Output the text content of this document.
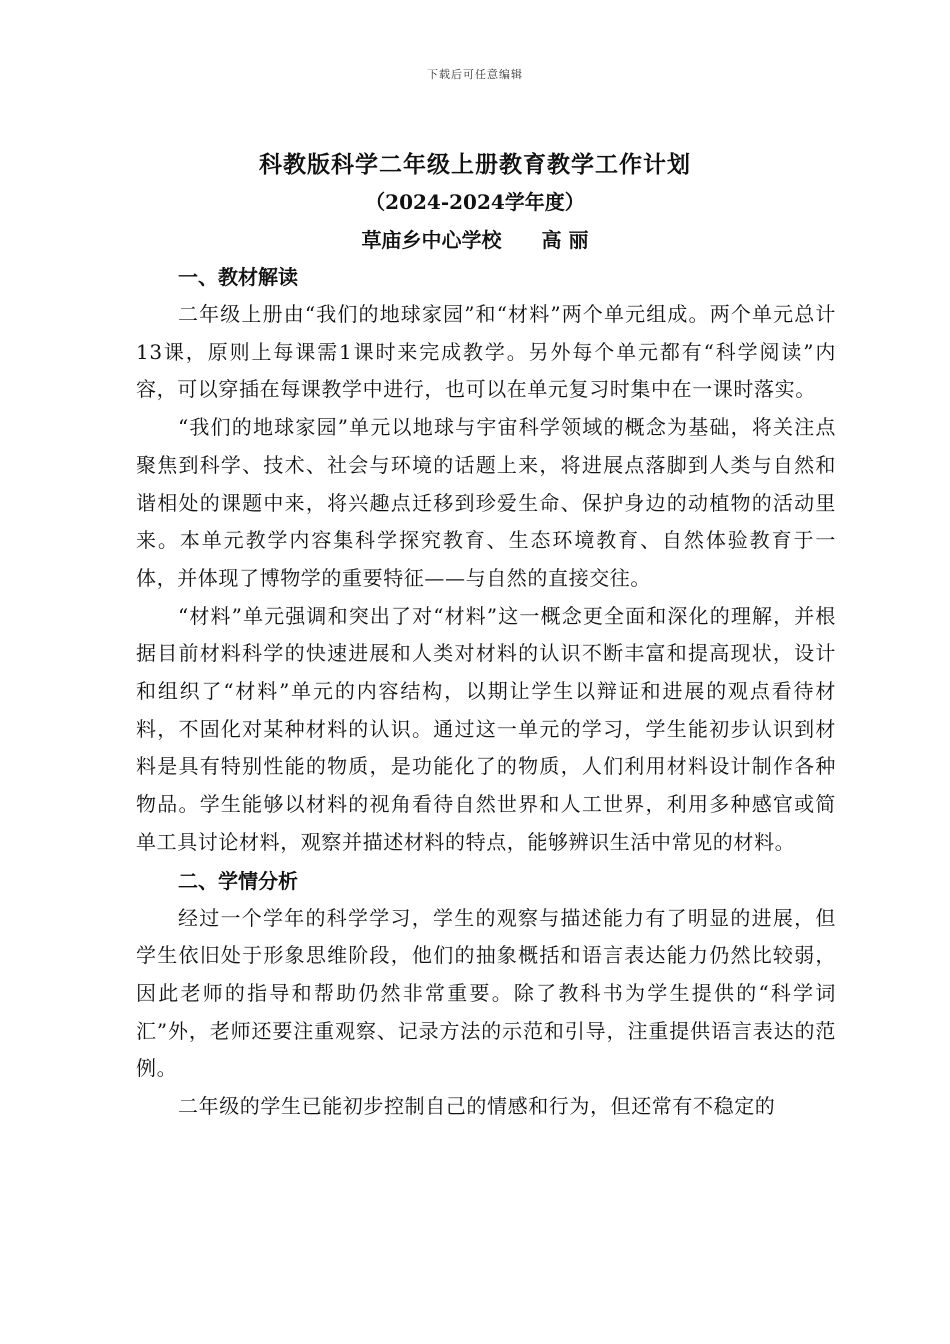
下载后可任意编辑
科教版科学二年级上册教育教学工作计划
（2024-2024学年度）
草庙乡中心学校　　高 丽

一、教材解读

二年级上册由“我们的地球家园”和“材料”两个单元组成。两个单元总计13课，原则上每课需1课时来完成教学。另外每个单元都有“科学阅读”内容，可以穿插在每课教学中进行，也可以在单元复习时集中在一课时落实。

“我们的地球家园”单元以地球与宇宙科学领域的概念为基础，将关注点聚焦到科学、技术、社会与环境的话题上来，将进展点落脚到人类与自然和谐相处的课题中来，将兴趣点迁移到珍爱生命、保护身边的动植物的活动里来。本单元教学内容集科学探究教育、生态环境教育、自然体验教育于一体，并体现了博物学的重要特征——与自然的直接交往。

“材料”单元强调和突出了对“材料”这一概念更全面和深化的理解，并根据目前材料科学的快速进展和人类对材料的认识不断丰富和提高现状，设计和组织了“材料”单元的内容结构，以期让学生以辩证和进展的观点看待材料，不固化对某种材料的认识。通过这一单元的学习，学生能初步认识到材料是具有特别性能的物质，是功能化了的物质，人们利用材料设计制作各种物品。学生能够以材料的视角看待自然世界和人工世界，利用多种感官或简单工具讨论材料，观察并描述材料的特点，能够辨识生活中常见的材料。

二、学情分析

经过一个学年的科学学习，学生的观察与描述能力有了明显的进展，但学生依旧处于形象思维阶段，他们的抽象概括和语言表达能力仍然比较弱，因此老师的指导和帮助仍然非常重要。除了教科书为学生提供的“科学词汇”外，老师还要注重观察、记录方法的示范和引导，注重提供语言表达的范例。

二年级的学生已能初步控制自己的情感和行为，但还常有不稳定的
